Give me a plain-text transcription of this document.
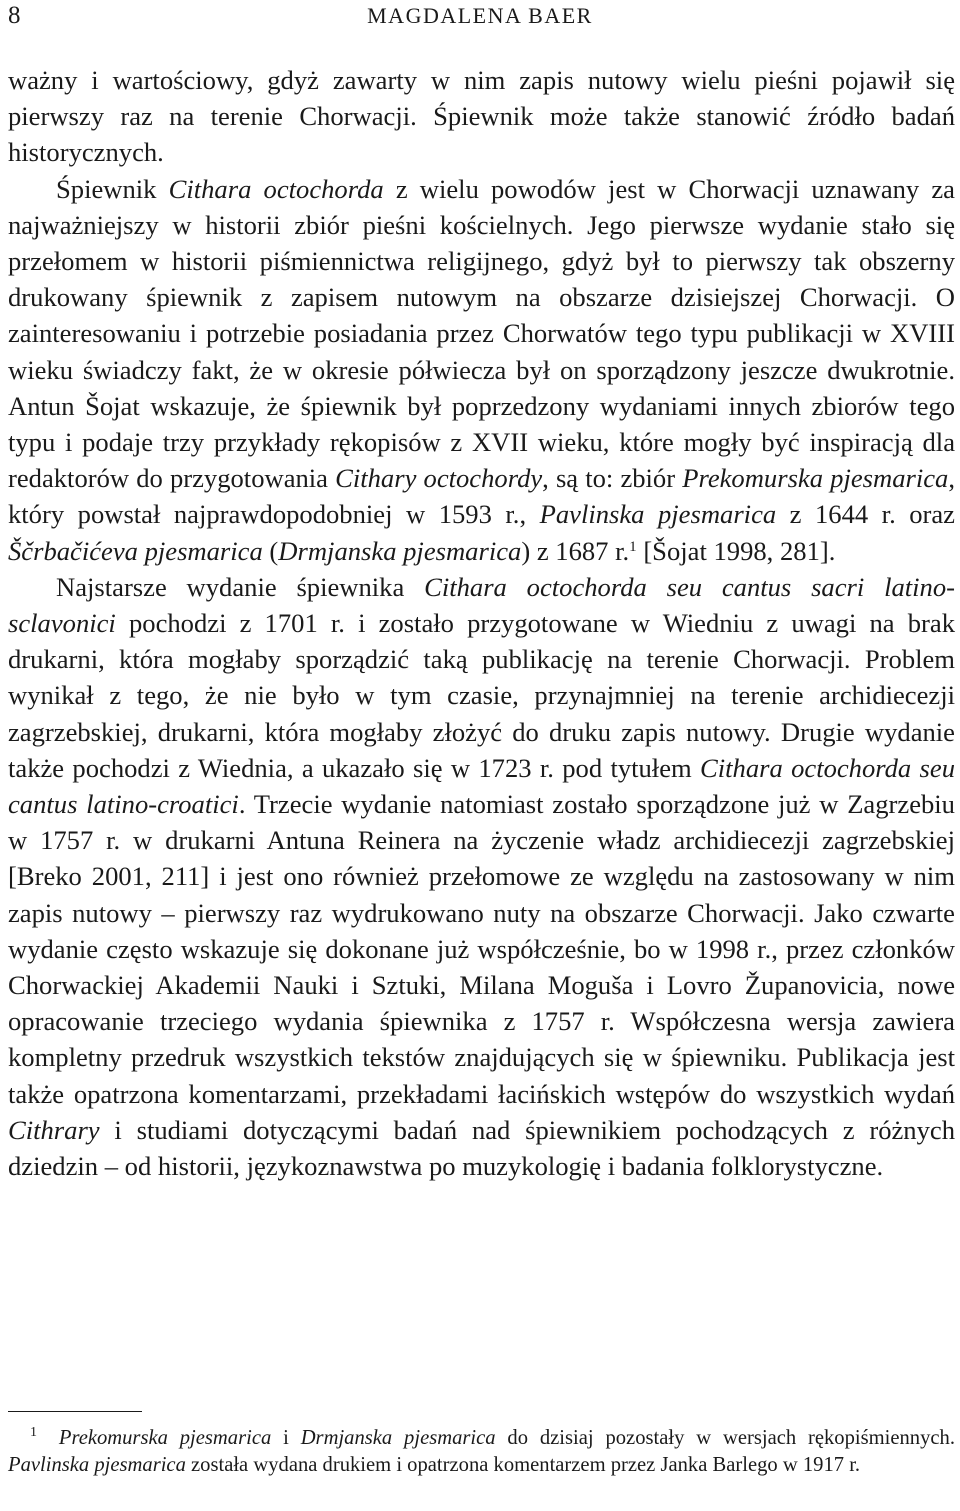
8	MAGDALENA BAER

ważny i wartościowy, gdyż zawarty w nim zapis nutowy wielu pieśni pojawił się pierwszy raz na terenie Chorwacji. Śpiewnik może także stanowić źródło badań historycznych.

Śpiewnik Cithara octochorda z wielu powodów jest w Chorwacji uznawany za najważniejszy w historii zbiór pieśni kościelnych. Jego pierwsze wydanie stało się przełomem w historii piśmiennictwa religijnego, gdyż był to pierwszy tak obszerny drukowany śpiewnik z zapisem nutowym na obszarze dzisiejszej Chorwacji. O zainteresowaniu i potrzebie posiadania przez Chorwatów tego typu publikacji w XVIII wieku świadczy fakt, że w okresie półwiecza był on sporządzony jeszcze dwukrotnie. Antun Šojat wskazuje, że śpiewnik był poprzedzony wydaniami innych zbiorów tego typu i podaje trzy przykłady rękopisów z XVII wieku, które mogły być inspiracją dla redaktorów do przygotowania Cithary octochordy, są to: zbiór Prekomurska pjesmarica, który powstał najprawdopodobniej w 1593 r., Pavlinska pjesmarica z 1644 r. oraz Ščrbačićeva pjesmarica (Drmjanska pjesmarica) z 1687 r.$^1$ [Šojat 1998, 281].

Najstarsze wydanie śpiewnika Cithara octochorda seu cantus sacri latino-sclavonici pochodzi z 1701 r. i zostało przygotowane w Wiedniu z uwagi na brak drukarni, która mogłaby sporządzić taką publikację na terenie Chorwacji. Problem wynikał z tego, że nie było w tym czasie, przynajmniej na terenie archidiecezji zagrzebskiej, drukarni, która mogłaby złożyć do druku zapis nutowy. Drugie wydanie także pochodzi z Wiednia, a ukazało się w 1723 r. pod tytułem Cithara octochorda seu cantus latino-croatici. Trzecie wydanie natomiast zostało sporządzone już w Zagrzebiu w 1757 r. w drukarni Antuna Reinera na życzenie władz archidiecezji zagrzebskiej [Breko 2001, 211] i jest ono również przełomowe ze względu na zastosowany w nim zapis nutowy – pierwszy raz wydrukowano nuty na obszarze Chorwacji. Jako czwarte wydanie często wskazuje się dokonane już współcześnie, bo w 1998 r., przez członków Chorwackiej Akademii Nauki i Sztuki, Milana Moguša i Lovro Županovicia, nowe opracowanie trzeciego wydania śpiewnika z 1757 r. Współczesna wersja zawiera kompletny przedruk wszystkich tekstów znajdujących się w śpiewniku. Publikacja jest także opatrzona komentarzami, przekładami łacińskich wstępów do wszystkich wydań Cithrary i studiami dotyczącymi badań nad śpiewnikiem pochodzących z różnych dziedzin – od historii, językoznawstwa po muzykologię i badania folklorystyczne.

$^1$ Prekomurska pjesmarica i Drmjanska pjesmarica do dzisiaj pozostały w wersjach rękopiśmiennych. Pavlinska pjesmarica została wydana drukiem i opatrzona komentarzem przez Janka Barlego w 1917 r.
